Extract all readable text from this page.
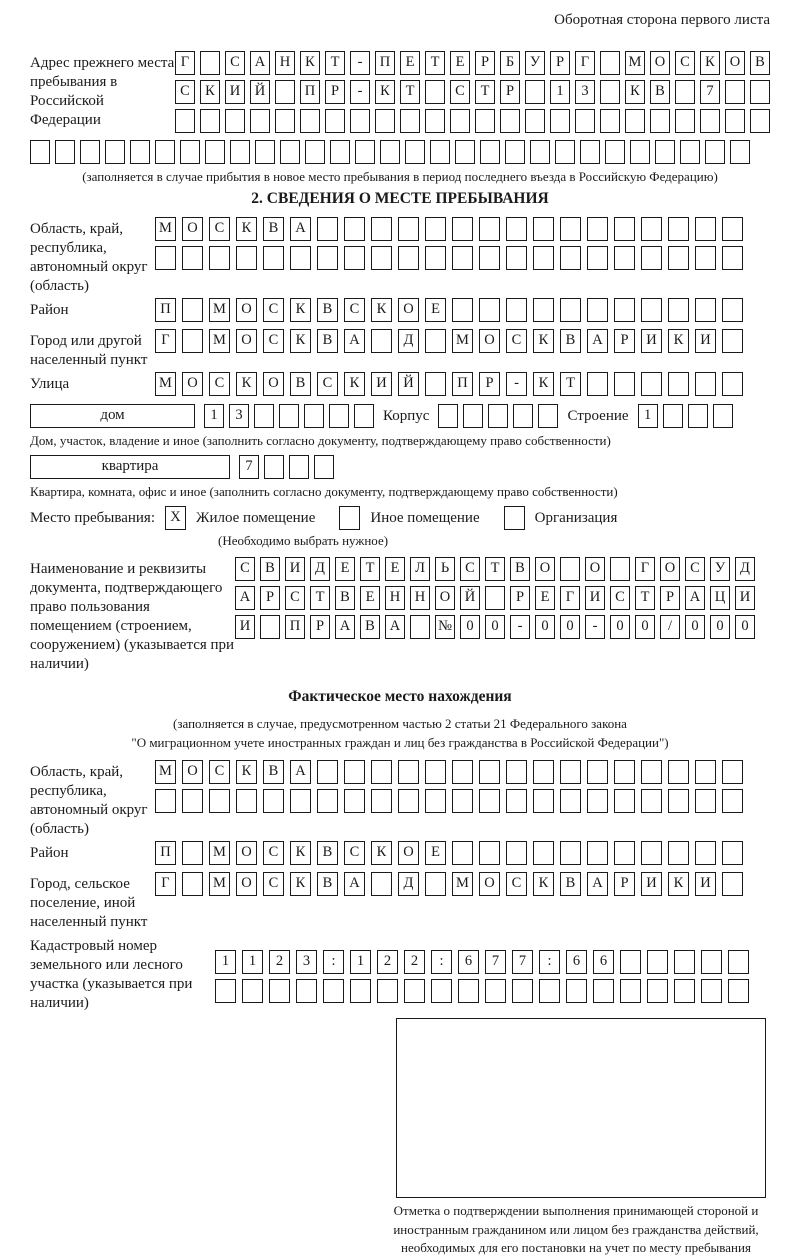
Оборотная сторона первого листа
Адрес прежнего места пребывания в Российской Федерации
Г	С	А	Н	К	Т	-	П	Е	Т	Е	Р	Б	У	Р	Г	М О	С	К	О	В
С	К	И	Й	П	Р	-	К	Т	С	Т	Р	1	3	К	В	7
(заполняется в случае прибытия в новое место пребывания в период последнего въезда в Российскую Федерацию)
2. СВЕДЕНИЯ О МЕСТЕ ПРЕБЫВАНИЯ
Область, край, республика, автономный округ (область)
М	О	С	К	В	А
Район	П	М	О	С	К	В	С	К	О	Е
Город или другой населенный пункт
Г	М	О	С	К	В	А	Д	М	О	С	К	В	А	Р	И	К	И
Улица	М	О	С	К	О	В	С	К	И	Й	П	Р	-	К	Т
дом	1	3	Корпус	Строение	1
Дом, участок, владение и иное (заполнить согласно документу, подтверждающему право собственности)
квартира	7
Квартира, комната, офис и иное (заполнить согласно документу, подтверждающему право собственности)
Место пребывания:	X	Жилое помещение	Иное помещение	Организация
(Необходимо выбрать нужное)
Наименование и реквизиты документа, подтверждающего право пользования помещением (строением, сооружением) (указывается при наличии)
С	В	И	Д	Е	Т	Е	Л	Ь	С	Т	В	О	О	Г	О	С	У	Д
А	Р	С	Т	В	Е	Н	Н	О	Й	Р	Е	Г	И	С	Т	Р	А	Ц	И
И	П	Р	А	В	А	№ 0	0	-	0	0	-	0	0	/	0	0	0
Фактическое место нахождения
(заполняется в случае, предусмотренном частью 2 статьи 21 Федерального закона
"О миграционном учете иностранных граждан и лиц без гражданства в Российской Федерации")
Область, край, республика, автономный округ (область)
М	О	С	К	В	А
Район	П	М	О	С	К	В	С	К	О	Е
Город, сельское поселение, иной населенный пункт
Г	М	О	С	К	В	А	Д	М	О	С	К	В	А	Р	И	К	И
Кадастровый номер земельного или лесного участка (указывается при наличии)
1	1	2	3	:	1	2	2	:	6	7	7	:	6	6
Отметка о подтверждении выполнения принимающей стороной и иностранным гражданином или лицом без гражданства действий, необходимых для его постановки на учет по месту пребывания
